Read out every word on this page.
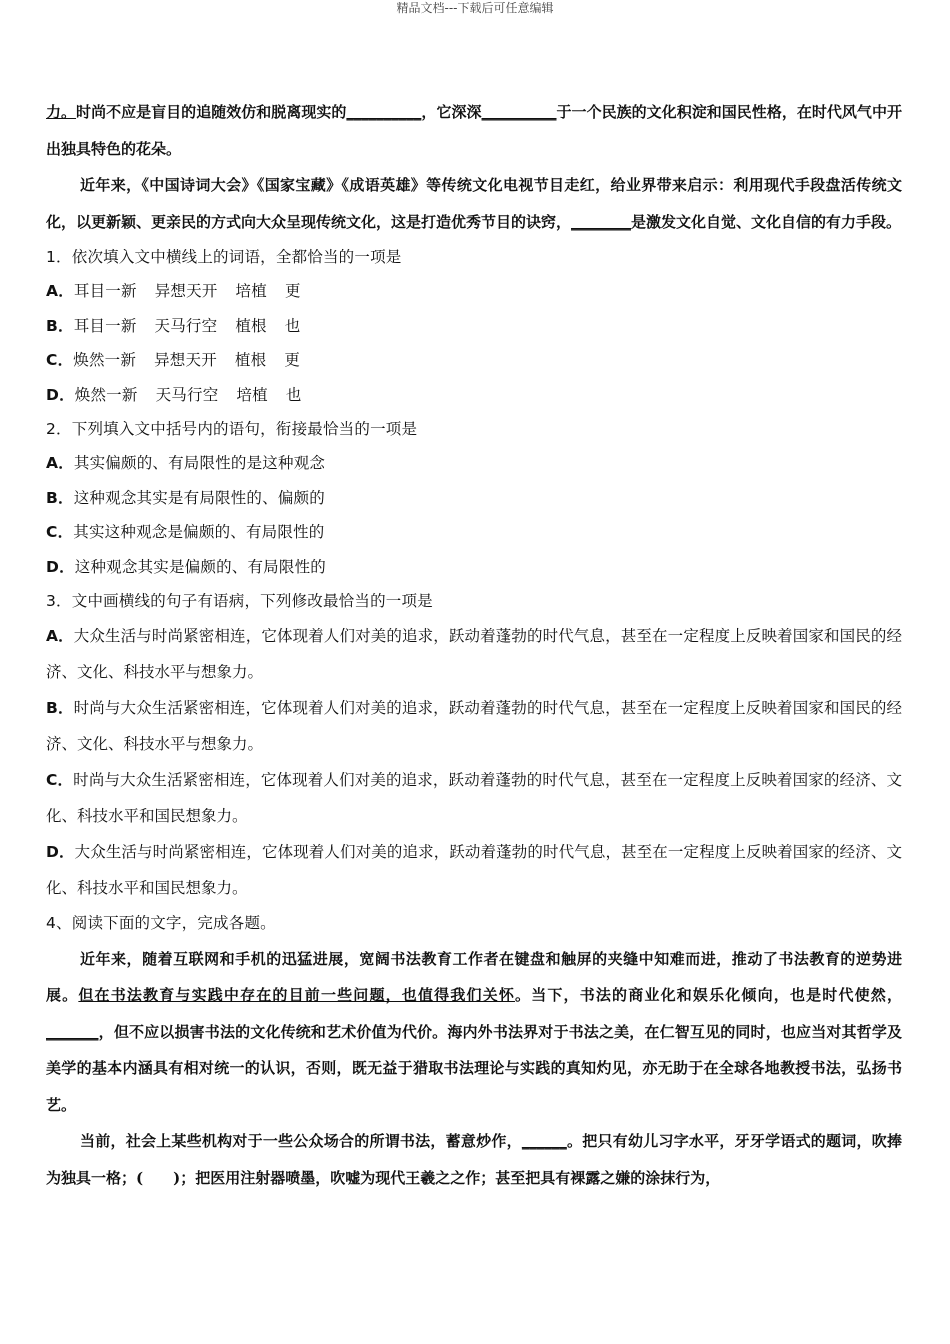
精品文档---下载后可任意编辑

力。时尚不应是盲目的追随效仿和脱离现实的__________，它深深__________于一个民族的文化积淀和国民性格，在时代风气中开出独具特色的花朵。

近年来，《中国诗词大会》《国家宝藏》《成语英雄》等传统文化电视节目走红，给业界带来启示：利用现代手段盘活传统文化，以更新颖、更亲民的方式向大众呈现传统文化，这是打造优秀节目的诀窍，________是激发文化自觉、文化自信的有力手段。

1．依次填入文中横线上的词语，全都恰当的一项是

A．耳目一新 异想天开 培植 更

B．耳目一新 天马行空 植根 也

C．焕然一新 异想天开 植根 更

D．焕然一新 天马行空 培植 也

2．下列填入文中括号内的语句，衔接最恰当的一项是

A．其实偏颇的、有局限性的是这种观念

B．这种观念其实是有局限性的、偏颇的

C．其实这种观念是偏颇的、有局限性的

D．这种观念其实是偏颇的、有局限性的

3．文中画横线的句子有语病，下列修改最恰当的一项是

A．大众生活与时尚紧密相连，它体现着人们对美的追求，跃动着蓬勃的时代气息，甚至在一定程度上反映着国家和国民的经济、文化、科技水平与想象力。

B．时尚与大众生活紧密相连，它体现着人们对美的追求，跃动着蓬勃的时代气息，甚至在一定程度上反映着国家和国民的经济、文化、科技水平与想象力。

C．时尚与大众生活紧密相连，它体现着人们对美的追求，跃动着蓬勃的时代气息，甚至在一定程度上反映着国家的经济、文化、科技水平和国民想象力。

D．大众生活与时尚紧密相连，它体现着人们对美的追求，跃动着蓬勃的时代气息，甚至在一定程度上反映着国家的经济、文化、科技水平和国民想象力。

4、阅读下面的文字，完成各题。

近年来，随着互联网和手机的迅猛进展，宽阔书法教育工作者在键盘和触屏的夹缝中知难而进，推动了书法教育的逆势进展。但在书法教育与实践中存在的目前一些问题，也值得我们关怀。当下，书法的商业化和娱乐化倾向，也是时代使然，_______，但不应以损害书法的文化传统和艺术价值为代价。海内外书法界对于书法之美，在仁智互见的同时，也应当对其哲学及美学的基本内涵具有相对统一的认识，否则，既无益于猎取书法理论与实践的真知灼见，亦无助于在全球各地教授书法，弘扬书艺。

当前，社会上某些机构对于一些公众场合的所谓书法，蓄意炒作，______。把只有幼儿习字水平，牙牙学语式的题词，吹捧为独具一格；(　　)；把医用注射器喷墨，吹嘘为现代王羲之之作；甚至把具有裸露之嫌的涂抹行为，
